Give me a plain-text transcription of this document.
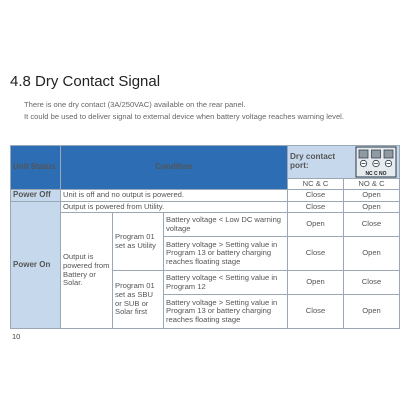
4.8 Dry Contact Signal

There is one dry contact (3A/250VAC) available on the rear panel.

It could be used to deliver signal to external device when battery voltage reaches warning level.

Unit Status	Condition			Dry contact port:
NC C NO	

				NC & C	NO & C
Power Off	Unit is off and no output is powered.			Close	Open
Power On	Output is powered from Utility.			Close	Open
	Output is powered from Battery or Solar.	Program 01 set as Utility	Battery voltage < Low DC warning voltage	Open	Close
			Battery voltage > Setting value in Program 13 or battery charging reaches floating stage	Close	Open
		Program 01 set as SBU or SUB or Solar first	Battery voltage < Setting value in Program 12	Open	Close
			Battery voltage > Setting value in Program 13 or battery charging reaches floating stage	Close	Open
10
